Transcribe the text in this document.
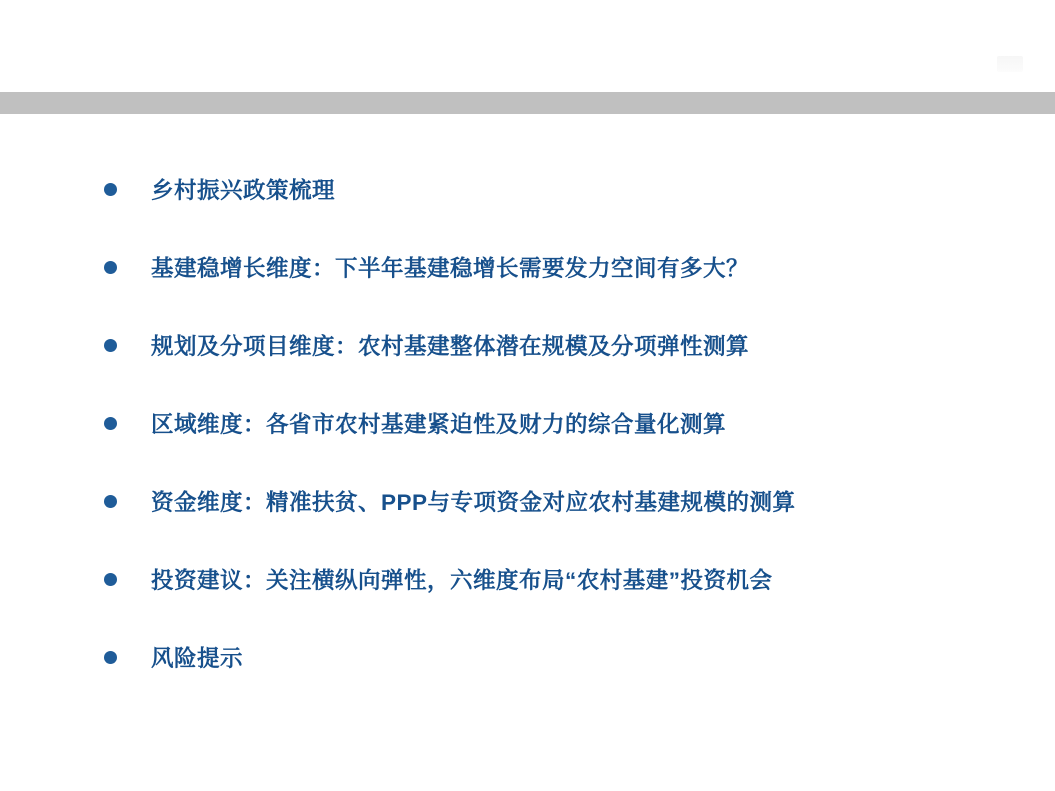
乡村振兴政策梳理
基建稳增长维度：下半年基建稳增长需要发力空间有多大？
规划及分项目维度：农村基建整体潜在规模及分项弹性测算
区域维度：各省市农村基建紧迫性及财力的综合量化测算
资金维度：精准扶贫、PPP与专项资金对应农村基建规模的测算
投资建议：关注横纵向弹性，六维度布局“农村基建”投资机会
风险提示
